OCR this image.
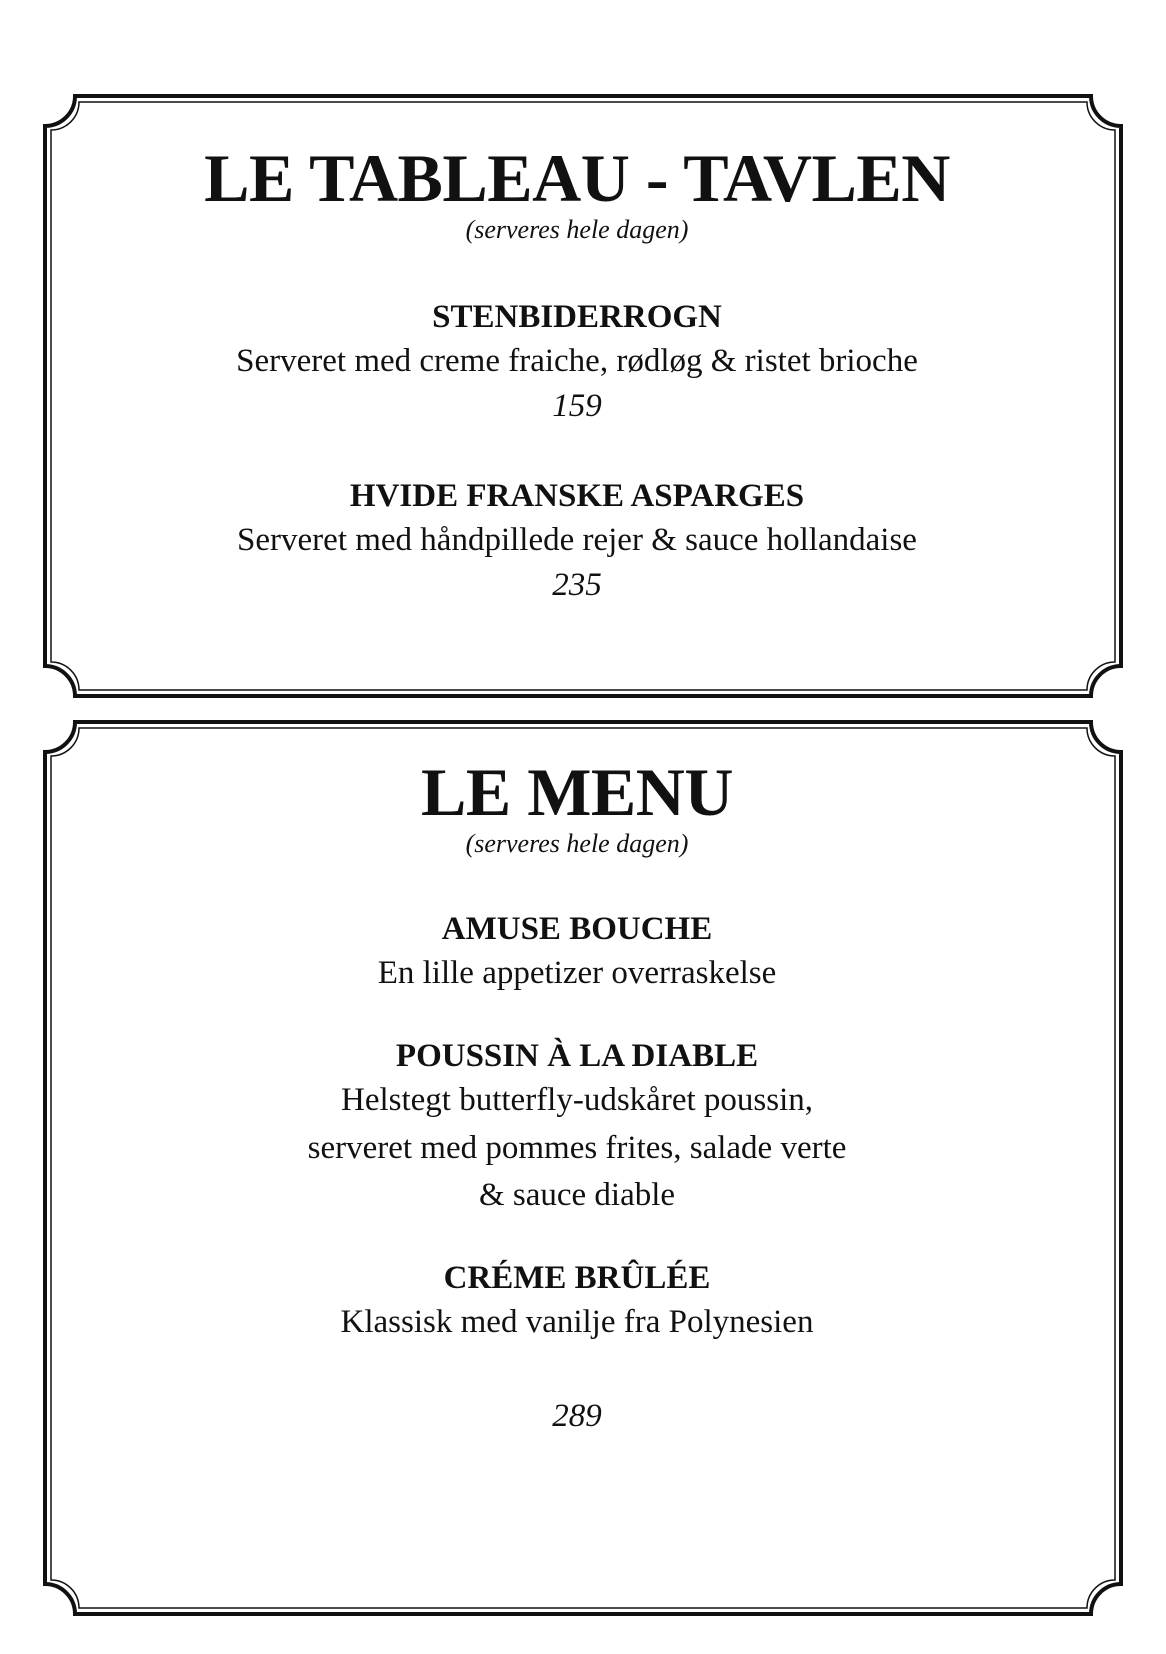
LE TABLEAU - TAVLEN
(serveres hele dagen)
STENBIDERROGN
Serveret med creme fraiche, rødløg & ristet brioche
159
HVIDE FRANSKE ASPARGES
Serveret med håndpillede rejer & sauce hollandaise
235
LE MENU
(serveres hele dagen)
AMUSE BOUCHE
En lille appetizer overraskelse
POUSSIN À LA DIABLE
Helstegt butterfly-udskåret poussin,
serveret med pommes frites, salade verte
& sauce diable
CRÉME BRÛLÉE
Klassisk med vanilje fra Polynesien
289
